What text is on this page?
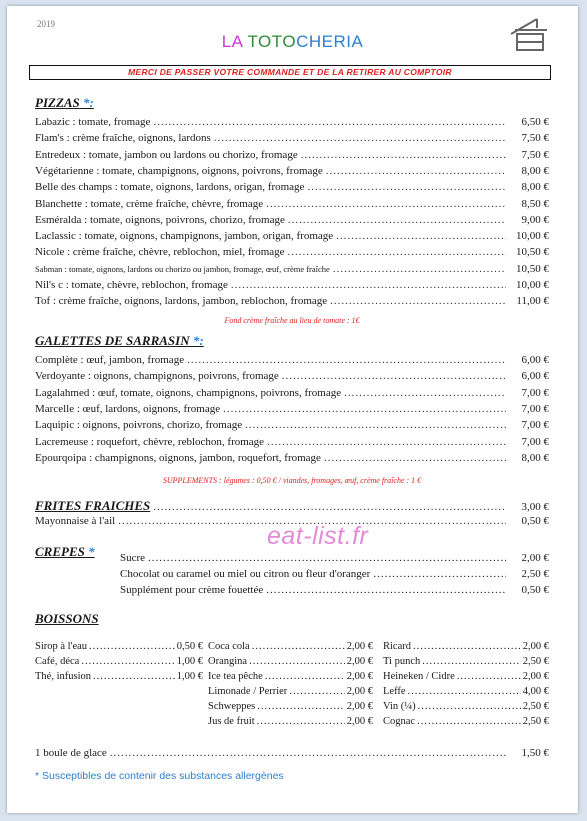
2019
LA TOTOCHERIA
MERCI DE PASSER VOTRE COMMANDE ET DE LA RETIRER AU COMPTOIR
PIZZAS *:
Labazic : tomate, fromage .....	6,50 €
Flam's : crème fraîche, oignons, lardons .....	7,50 €
Entredeux : tomate, jambon ou lardons ou chorizo, fromage .....	7,50 €
Végétarienne : tomate, champignons, oignons, poivrons, fromage .....	8,00 €
Belle des champs : tomate, oignons, lardons, origan, fromage .....	8,00 €
Blanchette : tomate, crème fraîche, chèvre, fromage .....	8,50 €
Esméralda : tomate, oignons, poivrons, chorizo, fromage .....	9,00 €
Laclassic : tomate, oignons, champignons, jambon, origan, fromage .....	10,00 €
Nicole : crème fraîche, chèvre, reblochon, miel, fromage .....	10,50 €
Sabman : tomate, oignons, lardons ou chorizo ou jambon, fromage, œuf, crème fraîche .....	10,50 €
Nil's c : tomate, chèvre, reblochon, fromage .....	10,00 €
Tof : crème fraîche, oignons, lardons, jambon, reblochon, fromage .....	11,00 €
Fond crème fraîche au lieu de tomate : 1€
GALETTES DE SARRASIN *:
Complète : œuf, jambon, fromage .....	6,00 €
Verdoyante : oignons, champignons, poivrons, fromage .....	6,00 €
Lagalahmed : œuf, tomate, oignons, champignons, poivrons, fromage .....	7,00 €
Marcelle : œuf, lardons, oignons, fromage .....	7,00 €
Laquipic : oignons, poivrons, chorizo, fromage .....	7,00 €
Lacremeuse : roquefort, chèvre, reblochon, fromage .....	7,00 €
Epourqoipa : champignons, oignons, jambon, roquefort, fromage .....	8,00 €
SUPPLEMENTS : légumes : 0,50 € / viandes, fromages, œuf, crème fraîche : 1 €
FRITES FRAICHES .....	3,00 €
Mayonnaise à l'ail .....	0,50 €
eat-list.fr
CREPES * Sucre .....	2,00 €
Chocolat ou caramel ou miel ou citron ou fleur d'oranger .....	2,50 €
Supplément pour crème fouettée .....	0,50 €
BOISSONS
Sirop à l'eau .....	0,50 €
Café, déca .....	1,00 €
Thé, infusion .....	1,00 €
Coca cola .....	2,00 €
Orangina .....	2,00 €
Ice tea pêche .....	2,00 €
Limonade / Perrier .....	2,00 €
Schweppes .....	2,00 €
Jus de fruit .....	2,00 €
Ricard .....	2,00 €
Ti punch .....	2,50 €
Heineken / Cidre .....	2,00 €
Leffe .....	4,00 €
Vin (¼) .....	2,50 €
Cognac .....	2,50 €
1 boule de glace .....	1,50 €
* Susceptibles de contenir des substances allergènes
